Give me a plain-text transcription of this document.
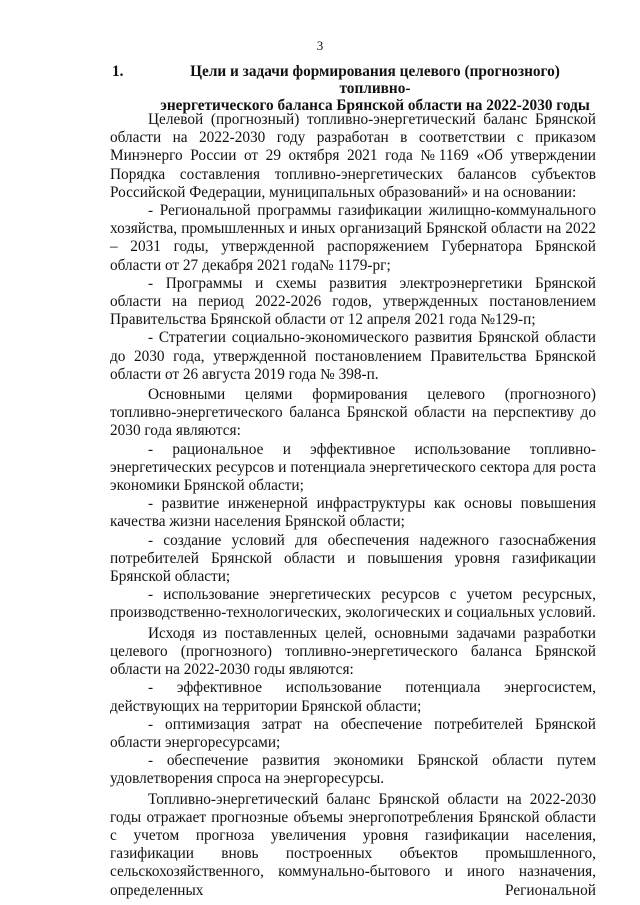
3
1.	Цели и задачи формирования целевого (прогнозного) топливно-
энергетического баланса Брянской области на 2022-2030 годы

Целевой (прогнозный) топливно-энергетический баланс Брянской области на 2022-2030 году разработан в соответствии с приказом Минэнерго России от 29 октября 2021 года №1169 «Об утверждении Порядка составления топливно-энергетических балансов субъектов Российской Федерации, муниципальных образований» и на основании:

- Региональной программы газификации жилищно-коммунального хозяйства, промышленных и иных организаций Брянской области на 2022 – 2031 годы, утвержденной распоряжением Губернатора Брянской области от 27 декабря 2021 года№ 1179-рг;

- Программы и схемы развития электроэнергетики Брянской области на период 2022-2026 годов, утвержденных постановлением Правительства Брянской области от 12 апреля 2021 года №129-п;

- Стратегии социально-экономического развития Брянской области до 2030 года, утвержденной постановлением Правительства Брянской области от 26 августа 2019 года № 398-п.

Основными целями формирования целевого (прогнозного) топливно-энергетического баланса Брянской области на перспективу до 2030 года являются:

- рациональное и эффективное использование топливно-энергетических ресурсов и потенциала энергетического сектора для роста экономики Брянской области;

- развитие инженерной инфраструктуры как основы повышения качества жизни населения Брянской области;

- создание условий для обеспечения надежного газоснабжения потребителей Брянской области и повышения уровня газификации Брянской области;

- использование энергетических ресурсов с учетом ресурсных, производственно-технологических, экологических и социальных условий.

Исходя из поставленных целей, основными задачами разработки целевого (прогнозного) топливно-энергетического баланса Брянской области на 2022-2030 годы являются:

- эффективное использование потенциала энергосистем, действующих на территории Брянской области;

- оптимизация затрат на обеспечение потребителей Брянской области энергоресурсами;

- обеспечение развития экономики Брянской области путем удовлетворения спроса на энергоресурсы.

Топливно-энергетический баланс Брянской области на 2022-2030 годы отражает прогнозные объемы энергопотребления Брянской области с учетом прогноза увеличения уровня газификации населения, газификации вновь построенных объектов промышленного, сельскохозяйственного, коммунально-бытового и иного назначения, определенных Региональной
